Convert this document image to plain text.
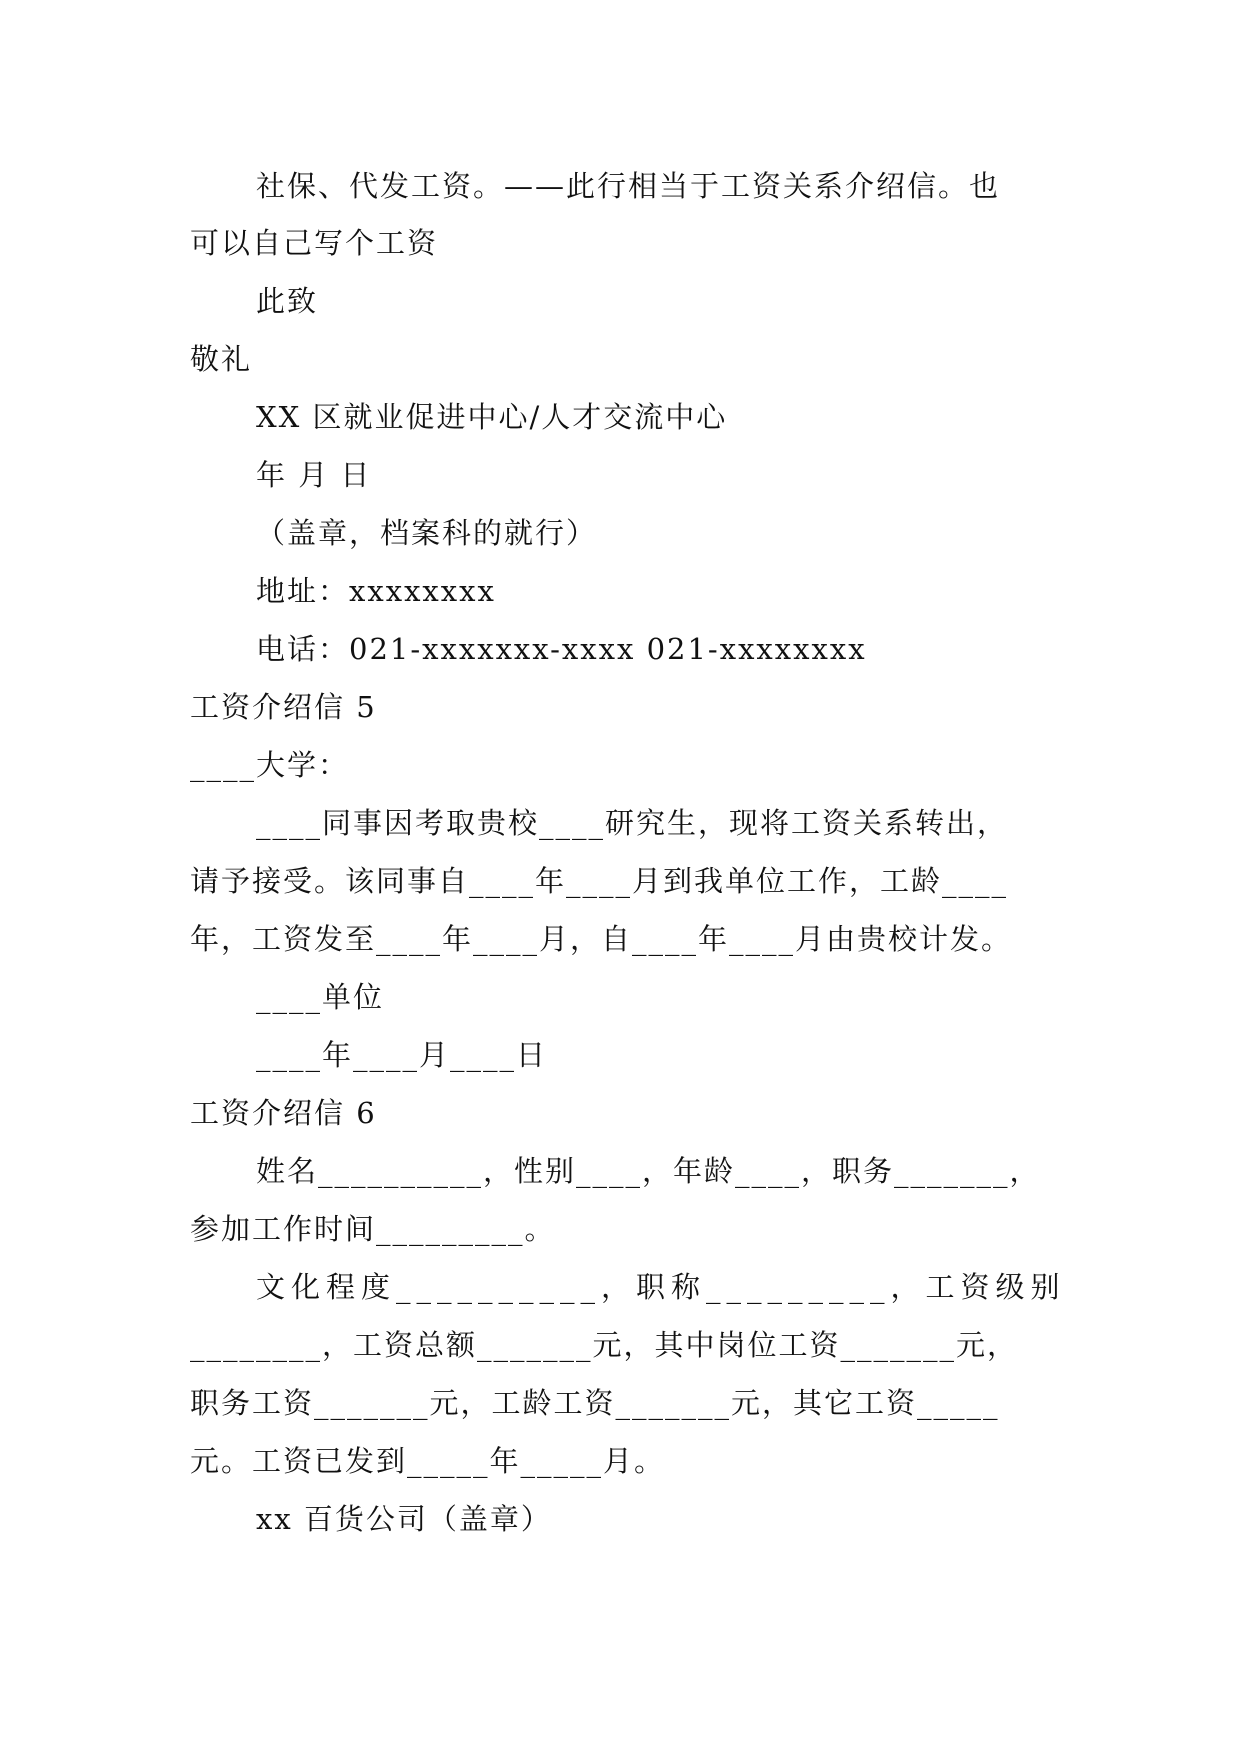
社保、代发工资。——此行相当于工资关系介绍信。也
可以自己写个工资
此致
敬礼
XX 区就业促进中心/人才交流中心
年 月 日
（盖章，档案科的就行）
地址：xxxxxxxx
电话：021-xxxxxxx-xxxx 021-xxxxxxxx
工资介绍信 5
____大学：
____同事因考取贵校____研究生，现将工资关系转出，
请予接受。该同事自____年____月到我单位工作，工龄____
年，工资发至____年____月，自____年____月由贵校计发。
____单位
____年____月____日
工资介绍信 6
姓名__________，性别____，年龄____，职务_______，
参加工作时间_________。
文化程度__________，职称_________，工资级别
________，工资总额_______元，其中岗位工资_______元，
职务工资_______元，工龄工资_______元，其它工资_____
元。工资已发到_____年_____月。
xx 百货公司（盖章）
